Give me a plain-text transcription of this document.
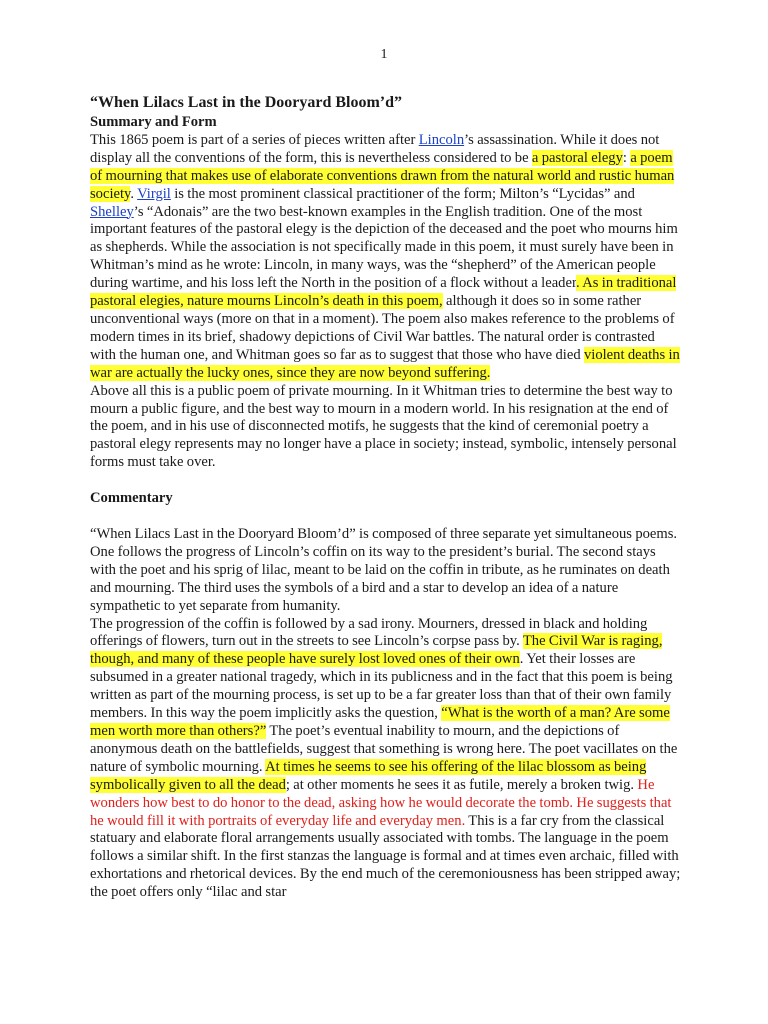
1
“When Lilacs Last in the Dooryard Bloom’d”
Summary and Form

This 1865 poem is part of a series of pieces written after Lincoln’s assassination. While it does not display all the conventions of the form, this is nevertheless considered to be a pastoral elegy: a poem of mourning that makes use of elaborate conventions drawn from the natural world and rustic human society. Virgil is the most prominent classical practitioner of the form; Milton’s “Lycidas” and Shelley’s “Adonais” are the two best-known examples in the English tradition. One of the most important features of the pastoral elegy is the depiction of the deceased and the poet who mourns him as shepherds. While the association is not specifically made in this poem, it must surely have been in Whitman’s mind as he wrote: Lincoln, in many ways, was the “shepherd” of the American people during wartime, and his loss left the North in the position of a flock without a leader. As in traditional pastoral elegies, nature mourns Lincoln’s death in this poem, although it does so in some rather unconventional ways (more on that in a moment). The poem also makes reference to the problems of modern times in its brief, shadowy depictions of Civil War battles. The natural order is contrasted with the human one, and Whitman goes so far as to suggest that those who have died violent deaths in war are actually the lucky ones, since they are now beyond suffering.

Above all this is a public poem of private mourning. In it Whitman tries to determine the best way to mourn a public figure, and the best way to mourn in a modern world. In his resignation at the end of the poem, and in his use of disconnected motifs, he suggests that the kind of ceremonial poetry a pastoral elegy represents may no longer have a place in society; instead, symbolic, intensely personal forms must take over.

Commentary

“When Lilacs Last in the Dooryard Bloom’d” is composed of three separate yet simultaneous poems. One follows the progress of Lincoln’s coffin on its way to the president’s burial. The second stays with the poet and his sprig of lilac, meant to be laid on the coffin in tribute, as he ruminates on death and mourning. The third uses the symbols of a bird and a star to develop an idea of a nature sympathetic to yet separate from humanity.

The progression of the coffin is followed by a sad irony. Mourners, dressed in black and holding offerings of flowers, turn out in the streets to see Lincoln’s corpse pass by. The Civil War is raging, though, and many of these people have surely lost loved ones of their own. Yet their losses are subsumed in a greater national tragedy, which in its publicness and in the fact that this poem is being written as part of the mourning process, is set up to be a far greater loss than that of their own family members. In this way the poem implicitly asks the question, “What is the worth of a man? Are some men worth more than others?” The poet’s eventual inability to mourn, and the depictions of anonymous death on the battlefields, suggest that something is wrong here. The poet vacillates on the nature of symbolic mourning. At times he seems to see his offering of the lilac blossom as being symbolically given to all the dead; at other moments he sees it as futile, merely a broken twig. He wonders how best to do honor to the dead, asking how he would decorate the tomb. He suggests that he would fill it with portraits of everyday life and everyday men. This is a far cry from the classical statuary and elaborate floral arrangements usually associated with tombs. The language in the poem follows a similar shift. In the first stanzas the language is formal and at times even archaic, filled with exhortations and rhetorical devices. By the end much of the ceremoniousness has been stripped away; the poet offers only “lilac and star
